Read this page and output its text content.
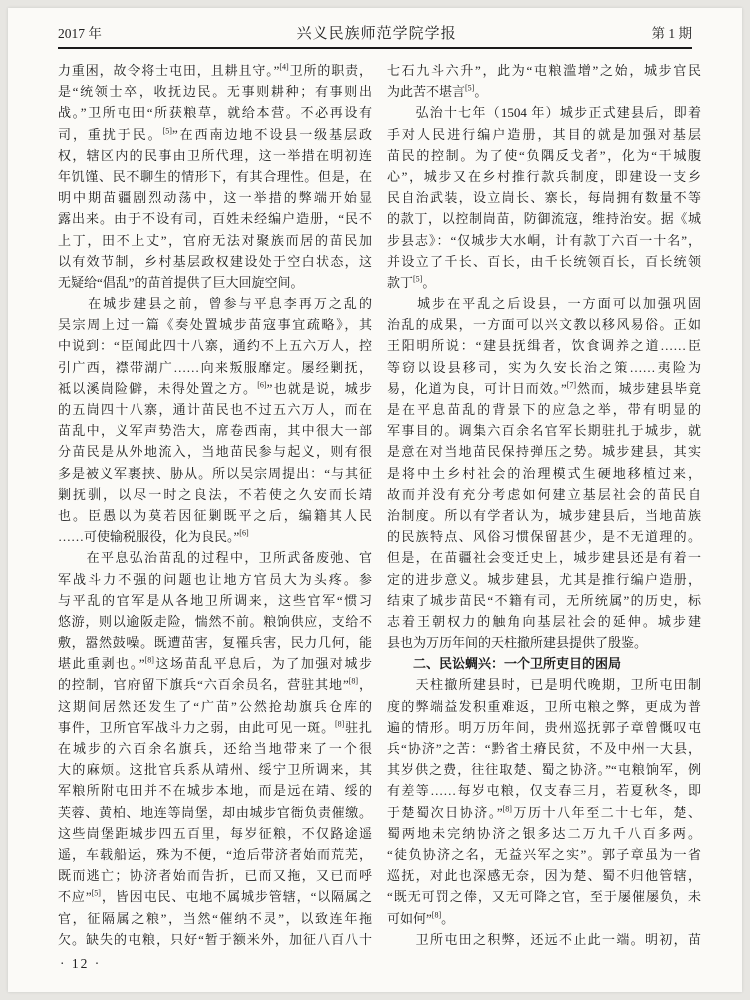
2017 年	兴义民族师范学院学报	第 1 期
力重困，故令将士屯田，且耕且守。”[4]卫所的职责，
是“统领士卒，收抚边民。无事则耕种；有事则出
战。”卫所屯田“所获粮草，就给本营。不必再设有
司，重扰于民。[5]”在西南边地不设县一级基层政
权，辖区内的民事由卫所代理，这一举措在明初连
年饥馑、民不聊生的情形下，有其合理性。但是，在
明中期苗疆剧烈动荡中，这一举措的弊端开始显
露出来。由于不设有司，百姓未经编户造册，“民不
上丁，田不上丈”，官府无法对聚族而居的苗民加
以有效节制，乡村基层政权建设处于空白状态，这
无疑给“倡乱”的苗首提供了巨大回旋空间。
　　在城步建县之前，曾参与平息李再万之乱的
吴宗周上过一篇《奏处置城步苗寇事宜疏略》，其
中说到：“臣闻此四十八寨，通约不上五六万人，控
引广西，襟带湖广……向来叛服靡定。屡经剿抚，
祗以溪峝险僻，未得处置之方。[6]”也就是说，城步
的五峝四十八寨，通计苗民也不过五六万人，而在
苗乱中，义军声势浩大，席卷西南，其中很大一部
分苗民是从外地流入，当地苗民参与起义，则有很
多是被义军裹挟、胁从。所以吴宗周提出：“与其征
剿抚驯，以尽一时之良法，不若使之久安而长靖
也。臣愚以为莫若因征剿既平之后，编籍其人民
……可使输税服役，化为良民。”[6]
　　在平息弘治苗乱的过程中，卫所武备废弛、官
军战斗力不强的问题也让地方官员大为头疼。参
与平乱的官军是从各地卫所调来，这些官军“惯习
悠游，则以逾阪走险，惴然不前。粮饷供应，支给不
敷，嚣然鼓噪。既遭苗害，复罹兵害，民力几何，能
堪此重剥也。”[8]这场苗乱平息后，为了加强对城步
的控制，官府留下旗兵“六百余员名，营驻其地”[8]，
这期间居然还发生了“广苗”公然抢劫旗兵仓库的
事件，卫所官军战斗力之弱，由此可见一斑。[8]驻扎
在城步的六百余名旗兵，还给当地带来了一个很
大的麻烦。这批官兵系从靖州、绥宁卫所调来，其
军粮所附屯田并不在城步本地，而是远在靖、绥的
芙蓉、黄柏、地连等峝堡，却由城步官衙负责催缴。
这些峝堡距城步四五百里，每岁征粮，不仅路途遥
遥，车载船运，殊为不便，“迨后带济者始而荒芜，
既而逃亡；协济者始而告折，已而又拖，又已而呼
不应”[5]，皆因屯民、屯地不属城步管辖，“以隔属之
官，征隔属之粮”，当然“催纳不灵”，以致连年拖
欠。缺失的屯粮，只好“暂于额米外，加征八百八十
七石九斗六升”，此为“屯粮滥增”之始，城步官民
为此苦不堪言[5]。
　　弘治十七年（1504 年）城步正式建县后，即着
手对人民进行编户造册，其目的就是加强对基层
苗民的控制。为了使“负隅反戈者”，化为“干城腹
心”，城步又在乡村推行款兵制度，即建设一支乡
民自治武装，设立峝长、寨长，每峝拥有数量不等
的款丁，以控制峝苗，防御流寇，维持治安。据《城
步县志》：“仅城步大水峒，计有款丁六百一十名”，
并设立了千长、百长，由千长统领百长，百长统领
款丁[5]。
　　城步在平乱之后设县，一方面可以加强巩固
治乱的成果，一方面可以兴文教以移风易俗。正如
王阳明所说：“建县抚缉者，饮食调养之道……臣
等窃以设县移司，实为久安长治之策……夷险为
易，化道为良，可计日而效。”[7]然而，城步建县毕竟
是在平息苗乱的背景下的应急之举，带有明显的
军事目的。调集六百余名官军长期驻扎于城步，就
是意在对当地苗民保持弹压之势。城步建县，其实
是将中土乡村社会的治理模式生硬地移植过来，
故而并没有充分考虑如何建立基层社会的苗民自
治制度。所以有学者认为，城步建县后，当地苗族
的民族特点、风俗习惯保留甚少，是不无道理的。
但是，在苗疆社会变迁史上，城步建县还是有着一
定的进步意义。城步建县，尤其是推行编户造册，
结束了城步苗民“不籍有司，无所统属”的历史，标
志着王朝权力的触角向基层社会的延伸。城步建
县也为万历年间的天柱撤所建县提供了殷鉴。
　　二、民讼蜩兴：一个卫所吏目的困局
　　天柱撤所建县时，已是明代晚期，卫所屯田制
度的弊端益发积重难返，卫所屯粮之弊，更成为普
遍的情形。明万历年间，贵州巡抚郭子章曾慨叹屯
兵“协济”之苦：“黔省土瘠民贫，不及中州一大县，
其岁供之费，往往取楚、蜀之协济。”“屯粮饷军，例
有差等……每岁屯粮，仅支春三月，若夏秋冬，即
于楚蜀次日协济。”[8]万历十八年至二十七年，楚、
蜀两地未完纳协济之银多达二万九千八百多两。
“徒负协济之名，无益兴军之实”。郭子章虽为一省
巡抚，对此也深感无奈，因为楚、蜀不归他管辖，
“既无可罚之俸，又无可降之官，至于屡催屡负，未
可如何”[8]。
　　卫所屯田之积弊，还远不止此一端。明初，苗
· 12 ·
